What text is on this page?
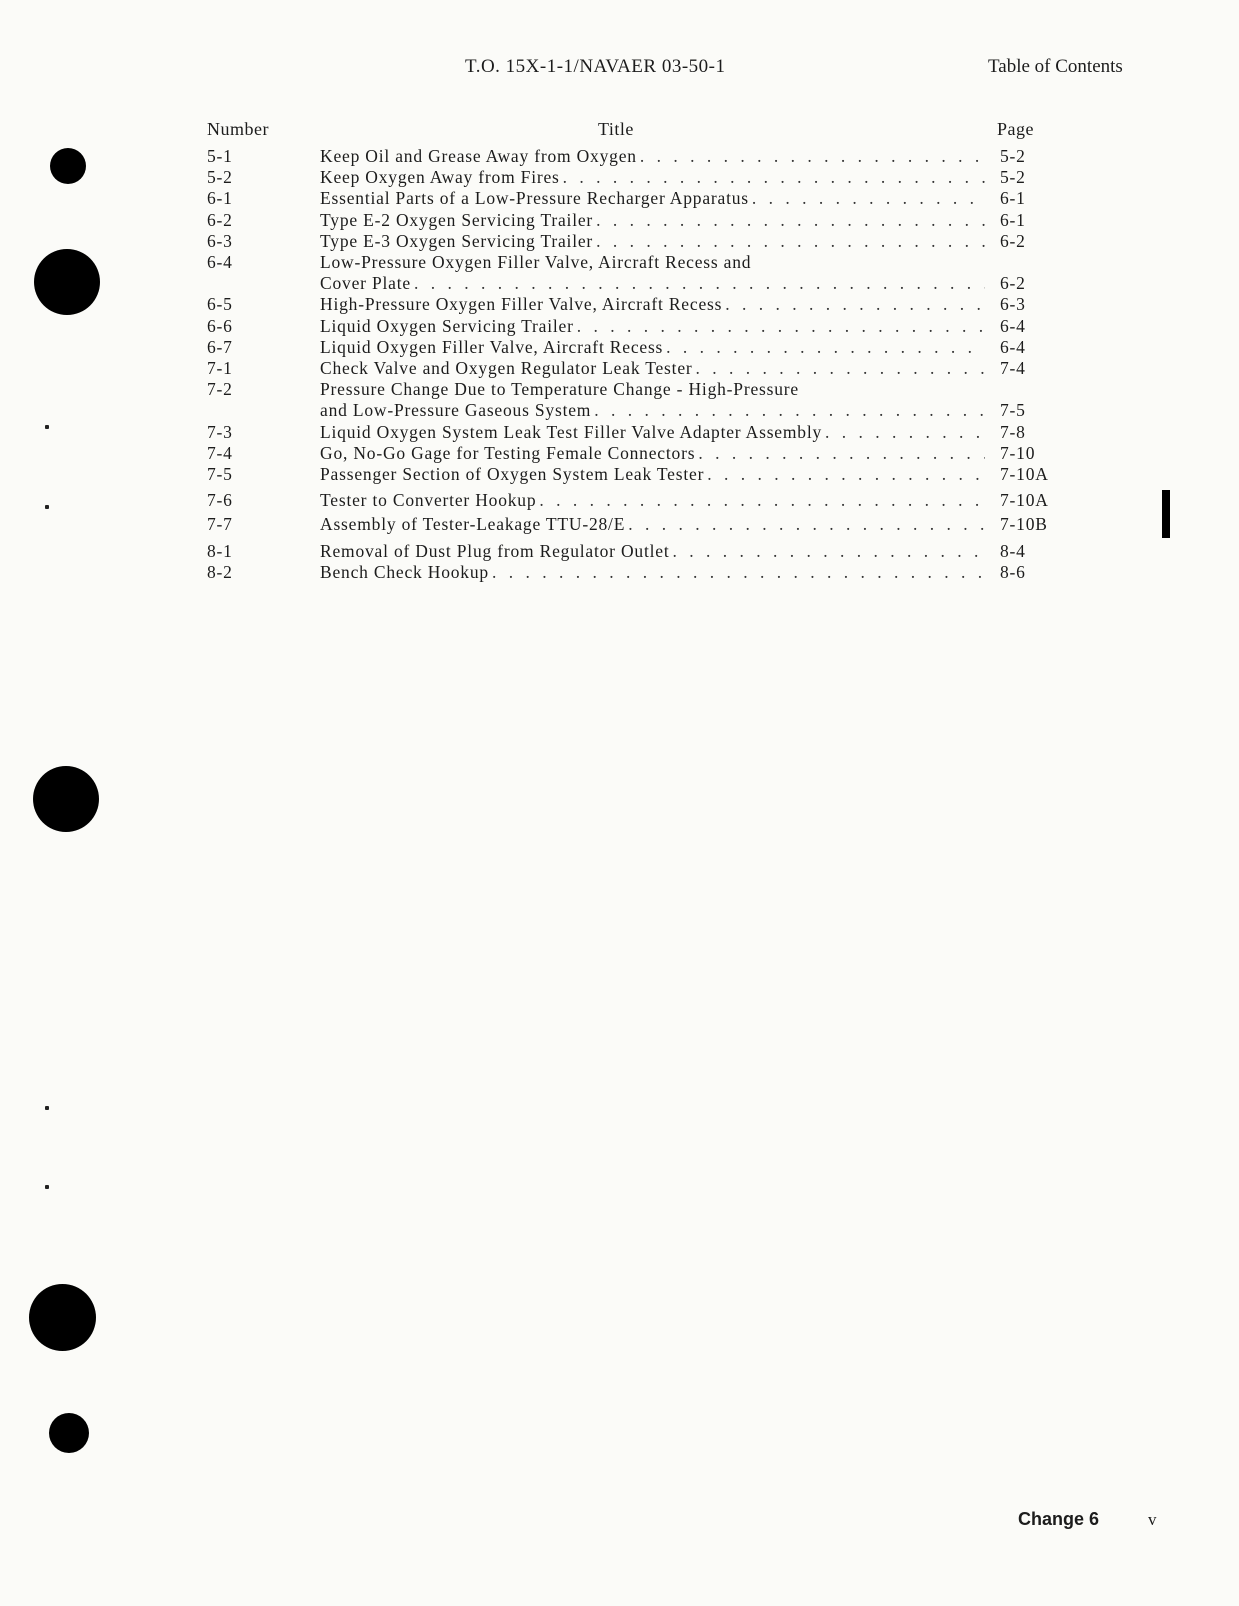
T.O. 15X-1-1/NAVAER 03-50-1	Table of Contents
Number	Title	Page
5-1	Keep Oil and Grease Away from Oxygen . . .	5-2
5-2	Keep Oxygen Away from Fires . . .	5-2
6-1	Essential Parts of a Low-Pressure Recharger Apparatus . . .	6-1
6-2	Type E-2 Oxygen Servicing Trailer . . .	6-1
6-3	Type E-3 Oxygen Servicing Trailer . . .	6-2
6-4	Low-Pressure Oxygen Filler Valve, Aircraft Recess and
Cover Plate . . .	6-2
6-5	High-Pressure Oxygen Filler Valve, Aircraft Recess . . .	6-3
6-6	Liquid Oxygen Servicing Trailer . . .	6-4
6-7	Liquid Oxygen Filler Valve, Aircraft Recess . . .	6-4
7-1	Check Valve and Oxygen Regulator Leak Tester . . .	7-4
7-2	Pressure Change Due to Temperature Change - High-Pressure
and Low-Pressure Gaseous System . . .	7-5
7-3	Liquid Oxygen System Leak Test Filler Valve Adapter Assembly . . .	7-8
7-4	Go, No-Go Gage for Testing Female Connectors . . .	7-10
7-5	Passenger Section of Oxygen System Leak Tester . . .	7-10A
7-6	Tester to Converter Hookup . . .	7-10A
7-7	Assembly of Tester-Leakage TTU-28/E . . .	7-10B
8-1	Removal of Dust Plug from Regulator Outlet . . .	8-4
8-2	Bench Check Hookup . . .	8-6
Change 6	v
